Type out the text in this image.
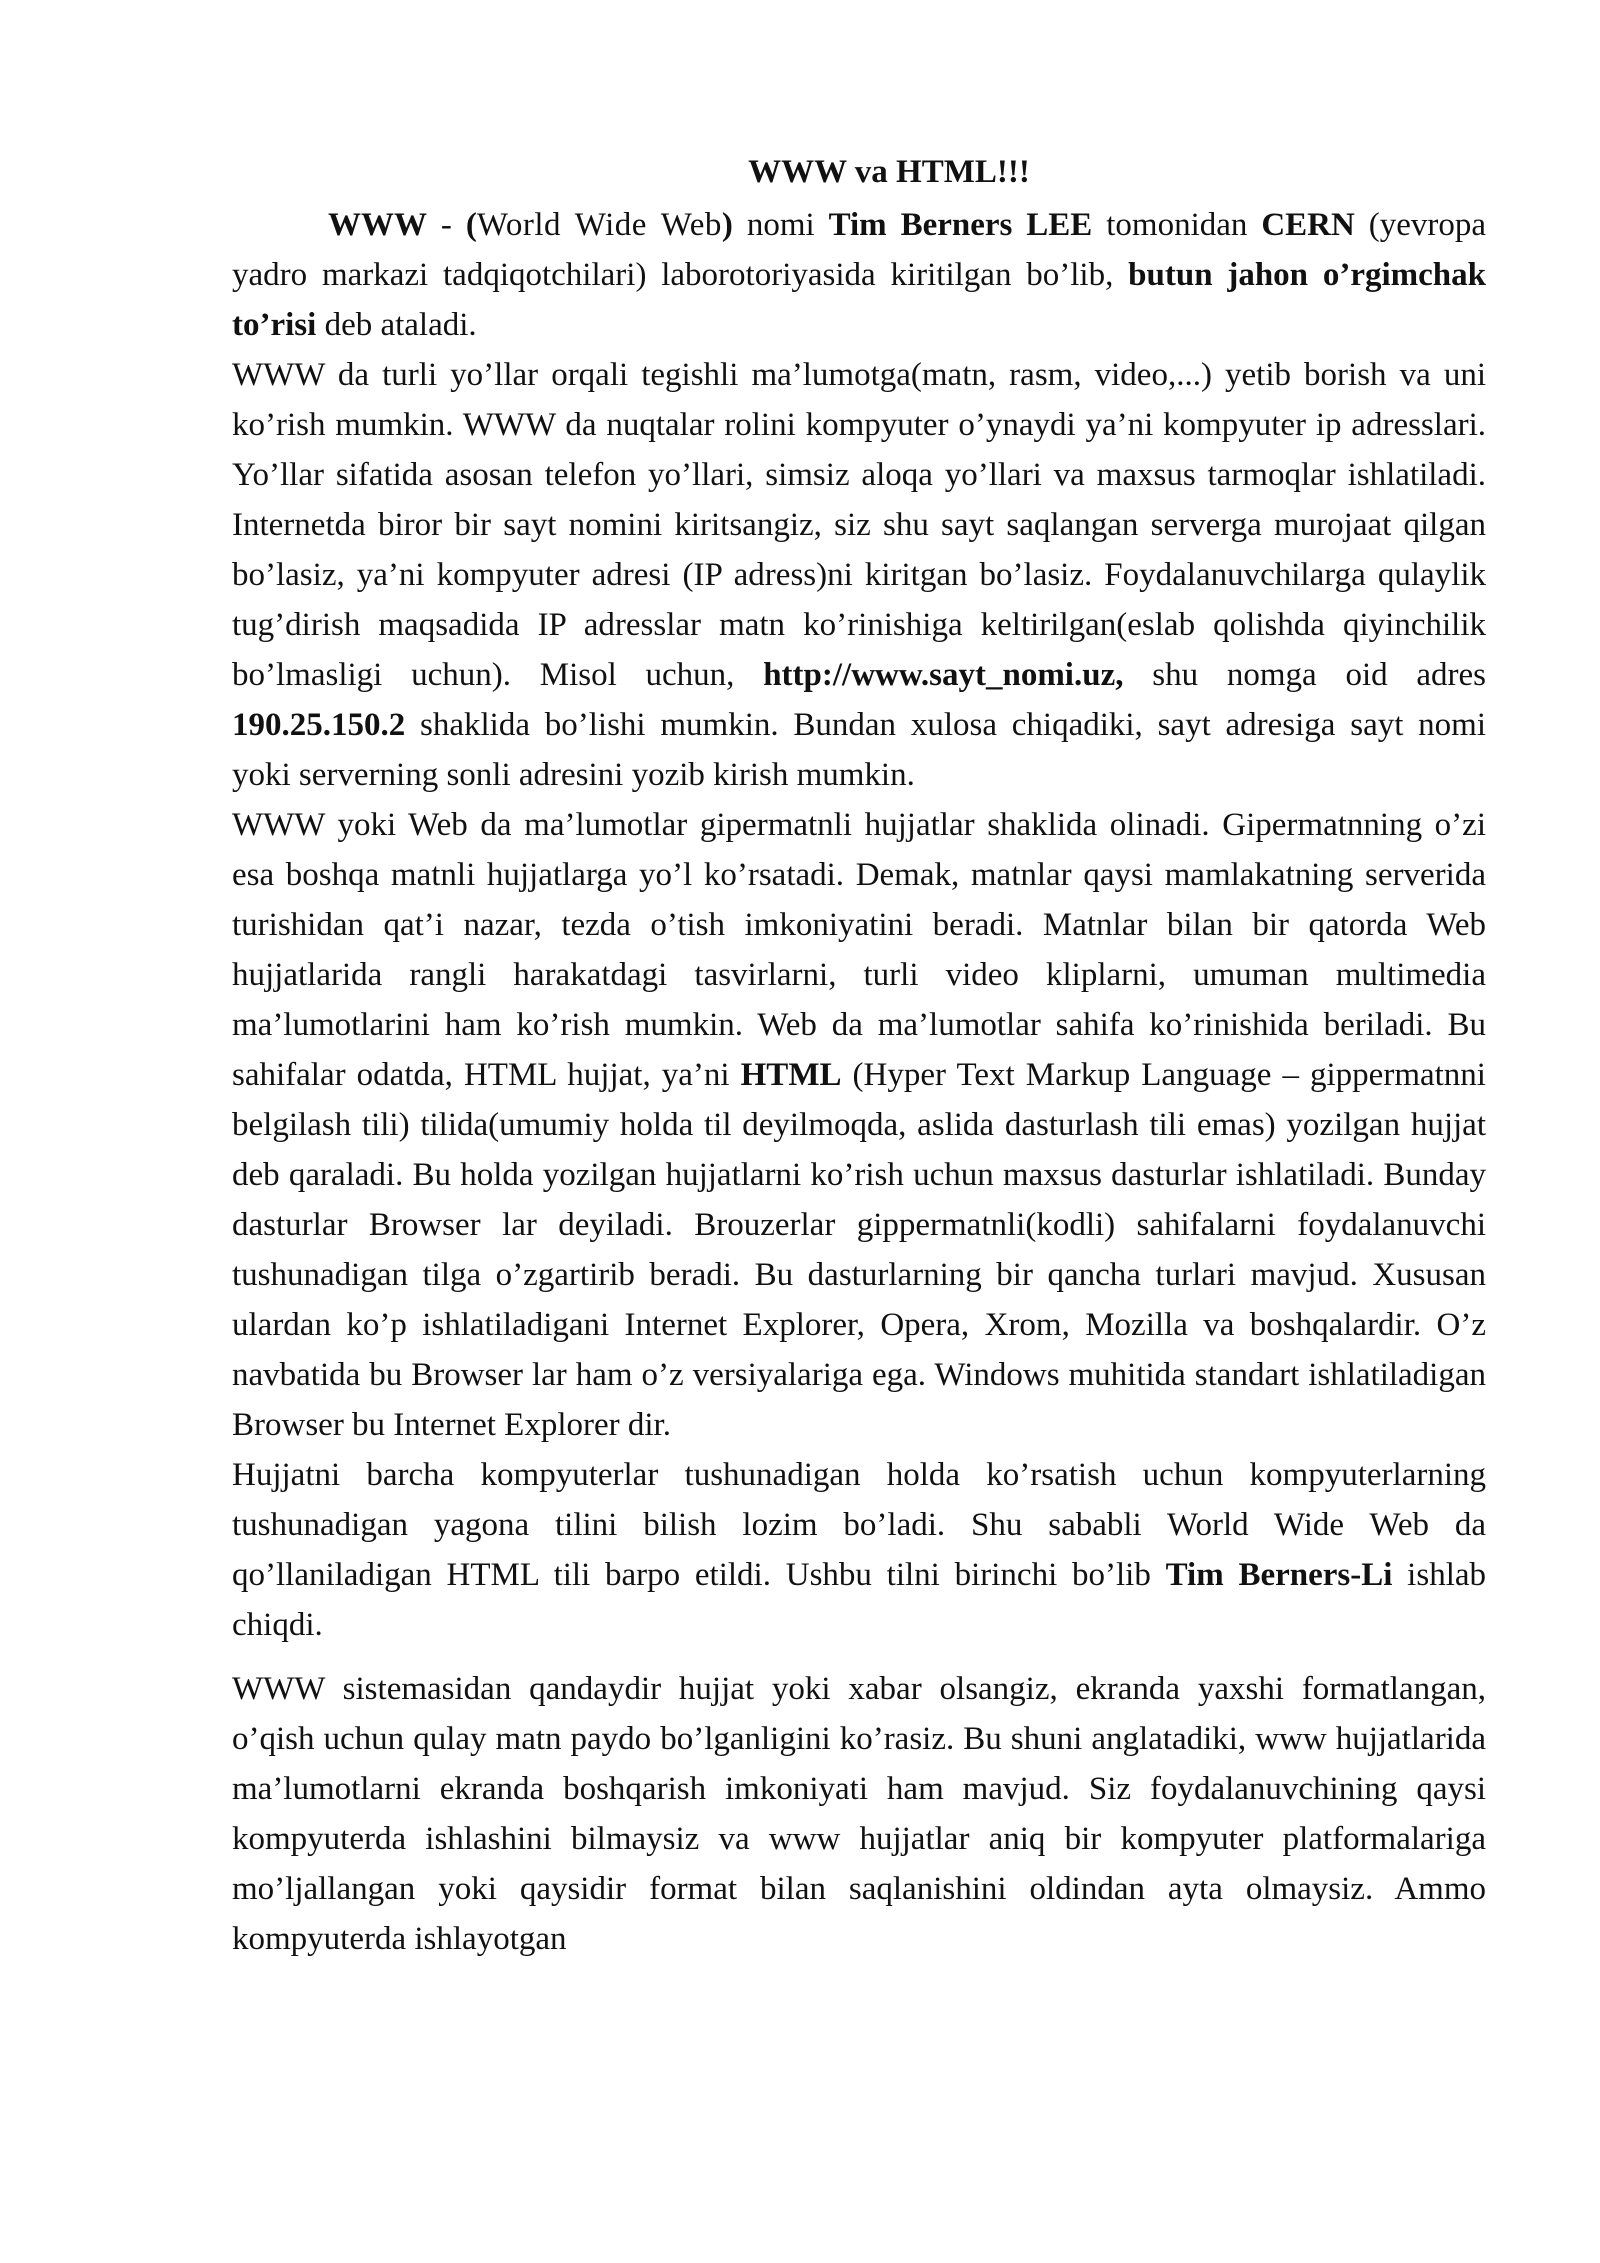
WWW va HTML!!!

WWW - (World Wide Web) nomi Tim Berners LEE tomonidan CERN (yevropa yadro markazi tadqiqotchilari) laborotoriyasida kiritilgan bo’lib, butun jahon o’rgimchak to’risi deb ataladi.

WWW da turli yo’llar orqali tegishli ma’lumotga(matn, rasm, video,...) yetib borish va uni ko’rish mumkin. WWW da nuqtalar rolini kompyuter o’ynaydi ya’ni kompyuter ip adresslari. Yo’llar sifatida asosan telefon yo’llari, simsiz aloqa yo’llari va maxsus tarmoqlar ishlatiladi. Internetda biror bir sayt nomini kiritsangiz, siz shu sayt saqlangan serverga murojaat qilgan bo’lasiz, ya’ni kompyuter adresi (IP adress)ni kiritgan bo’lasiz. Foydalanuvchilarga qulaylik tug’dirish maqsadida IP adresslar matn ko’rinishiga keltirilgan(eslab qolishda qiyinchilik bo’lmasligi uchun). Misol uchun, http://www.sayt_nomi.uz, shu nomga oid adres 190.25.150.2 shaklida bo’lishi mumkin. Bundan xulosa chiqadiki, sayt adresiga sayt nomi yoki serverning sonli adresini yozib kirish mumkin.

WWW yoki Web da ma’lumotlar gipermatnli hujjatlar shaklida olinadi. Gipermatnning o’zi esa boshqa matnli hujjatlarga yo’l ko’rsatadi. Demak, matnlar qaysi mamlakatning serverida turishidan qat’i nazar, tezda o’tish imkoniyatini beradi. Matnlar bilan bir qatorda Web hujjatlarida rangli harakatdagi tasvirlarni, turli video kliplarni, umuman multimedia ma’lumotlarini ham ko’rish mumkin. Web da ma’lumotlar sahifa ko’rinishida beriladi. Bu sahifalar odatda, HTML hujjat, ya’ni HTML (Hyper Text Markup Language – gippermatnni belgilash tili) tilida(umumiy holda til deyilmoqda, aslida dasturlash tili emas) yozilgan hujjat deb qaraladi. Bu holda yozilgan hujjatlarni ko’rish uchun maxsus dasturlar ishlatiladi. Bunday dasturlar Browser lar deyiladi. Brouzerlar gippermatnli(kodli) sahifalarni foydalanuvchi tushunadigan tilga o’zgartirib beradi. Bu dasturlarning bir qancha turlari mavjud. Xususan ulardan ko’p ishlatiladigani Internet Explorer, Opera, Xrom, Mozilla va boshqalardir. O’z navbatida bu Browser lar ham o’z versiyalariga ega. Windows muhitida standart ishlatiladigan Browser bu Internet Explorer dir.

Hujjatni barcha kompyuterlar tushunadigan holda ko’rsatish uchun kompyuterlarning tushunadigan yagona tilini bilish lozim bo’ladi. Shu sababli World Wide Web da qo’llaniladigan HTML tili barpo etildi. Ushbu tilni birinchi bo’lib Tim Berners-Li ishlab chiqdi.

WWW sistemasidan qandaydir hujjat yoki xabar olsangiz, ekranda yaxshi formatlangan, o’qish uchun qulay matn paydo bo’lganligini ko’rasiz. Bu shuni anglatadiki, www hujjatlarida ma’lumotlarni ekranda boshqarish imkoniyati ham mavjud. Siz foydalanuvchining qaysi kompyuterda ishlashini bilmaysiz va www hujjatlar aniq bir kompyuter platformalariga mo’ljallangan yoki qaysidir format bilan saqlanishini oldindan ayta olmaysiz. Ammo kompyuterda ishlayotgan
